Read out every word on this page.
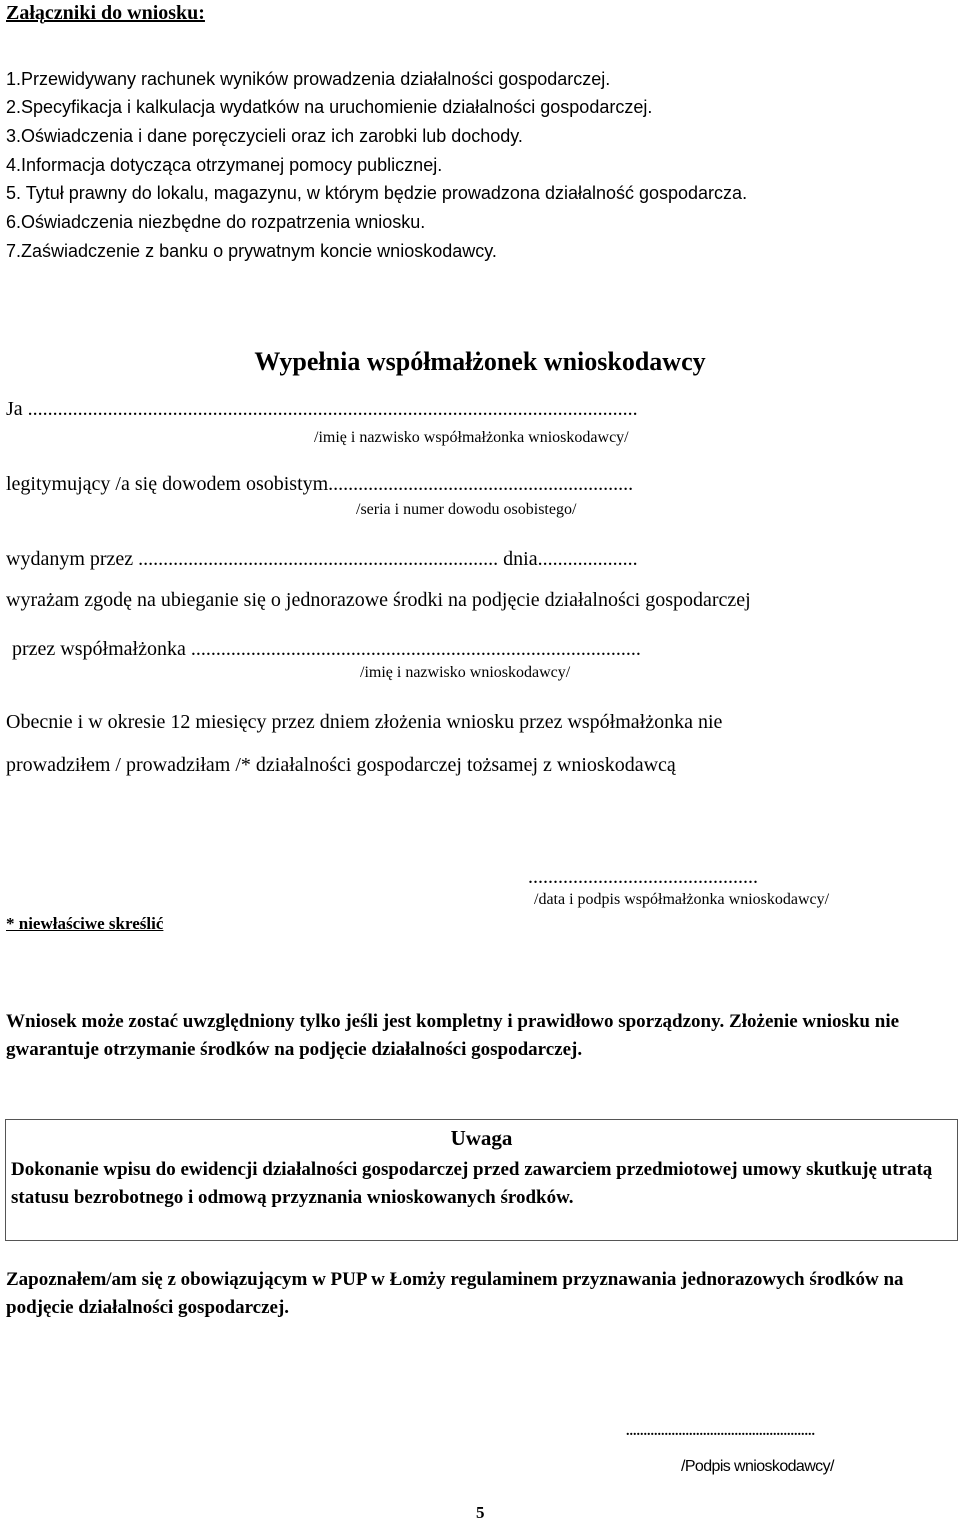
Załączniki do wniosku:
1.Przewidywany rachunek wyników prowadzenia działalności gospodarczej.
2.Specyfikacja i kalkulacja wydatków na uruchomienie działalności gospodarczej.
3.Oświadczenia i dane poręczycieli oraz ich zarobki lub dochody.
4.Informacja dotycząca otrzymanej pomocy publicznej.
5. Tytuł prawny do lokalu, magazynu, w którym będzie prowadzona działalność gospodarcza.
6.Oświadczenia niezbędne do rozpatrzenia wniosku.
7.Zaświadczenie z banku o prywatnym koncie wnioskodawcy.
Wypełnia współmałżonek wnioskodawcy
Ja ..........................................................................................................................
/imię i nazwisko współmałżonka wnioskodawcy/
legitymujący /a się dowodem osobistym.............................................................
/seria i numer dowodu osobistego/
wydanym przez ........................................................................ dnia....................
wyrażam zgodę na ubieganie się o jednorazowe środki na podjęcie działalności gospodarczej
przez współmałżonka ..........................................................................................
/imię i nazwisko wnioskodawcy/
Obecnie i w okresie 12 miesięcy przez dniem złożenia wniosku przez współmałżonka nie
prowadziłem / prowadziłam /* działalności gospodarczej tożsamej z wnioskodawcą
..............................................
/data i podpis współmałżonka wnioskodawcy/
* niewłaściwe skreślić
Wniosek może zostać uwzględniony tylko jeśli jest kompletny i prawidłowo sporządzony. Złożenie wniosku nie gwarantuje otrzymanie środków na podjęcie działalności gospodarczej.
Uwaga
Dokonanie wpisu do ewidencji działalności gospodarczej przed zawarciem przedmiotowej umowy skutkuję utratą statusu bezrobotnego i odmową przyznania wnioskowanych środków.
Zapoznałem/am się z obowiązującym w PUP w Łomży regulaminem przyznawania jednorazowych środków na podjęcie działalności gospodarczej.
......................................................
/Podpis wnioskodawcy/
5
